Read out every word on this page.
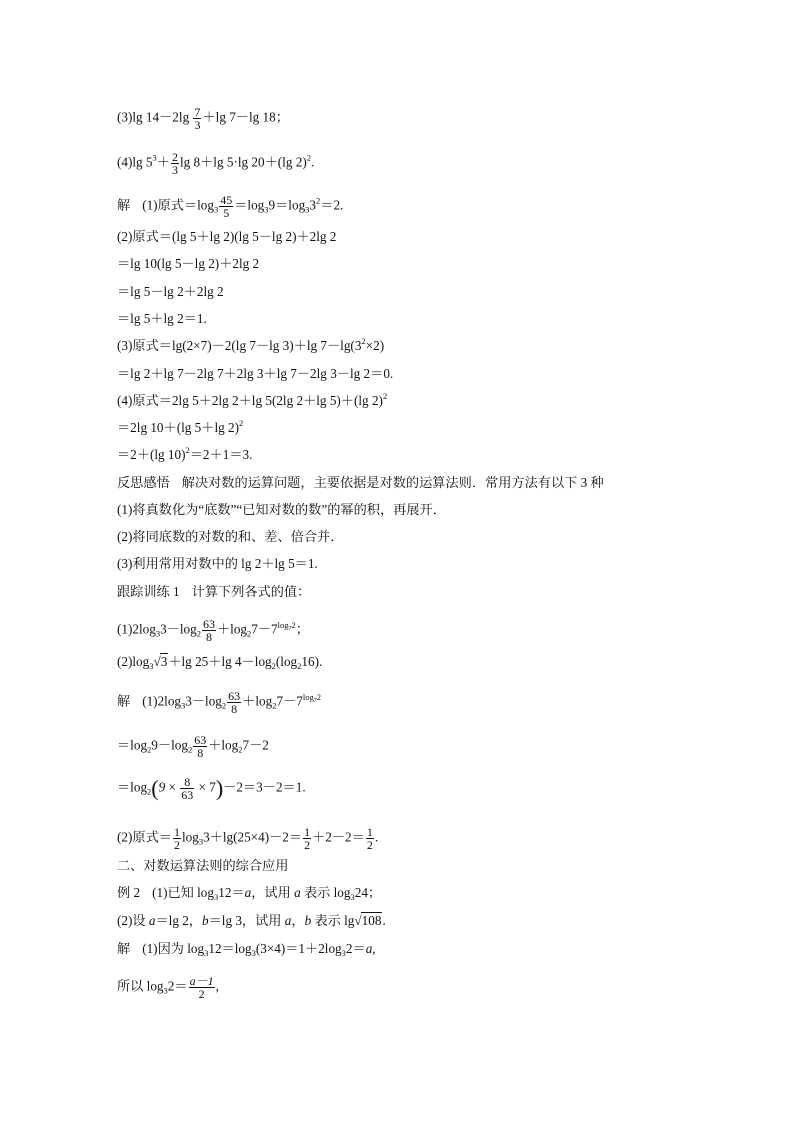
(3)lg $14-2\lg \frac{7}{3} +\lg$ 7－lg 18；
(4)lg $5^3+ \frac{2}{3}$ lg 8＋lg 5·lg 20＋(lg 2)$^2$.
解 (1)原式$=\log_3 \frac{45}{5} =\log_39=\log_33^2=2$.
(2)原式＝(lg 5＋lg 2)(lg 5－lg 2)＋2lg 2
＝lg 10(lg 5－lg 2)＋2lg 2
＝lg 5－lg 2＋2lg 2
＝lg 5＋lg 2＝1.
(3)原式＝lg(2×7)－2(lg 7－lg 3)＋lg $7-\lg(3^2\times 2)$
＝lg 2＋lg 7－2lg 7＋2lg 3＋lg 7－2lg 3－lg 2＝0.
(4)原式＝2lg 5＋2lg 2＋lg 5(2lg 2＋lg 5)＋(lg 2)$^2$
＝2lg 10＋(lg 5＋lg 2)$^2$
＝2＋(lg 10)$^2$＝2＋1＝3.
反思感悟 解决对数的运算问题，主要依据是对数的运算法则．常用方法有以下 3 种
(1)将真数化为“底数”“已知对数的数”的幂的积，再展开．
(2)将同底数的对数的和、差、倍合并．
(3)利用常用对数中的 lg 2＋lg 5＝1.
跟踪训练 1 计算下列各式的值：
$(1)2\log_33-\log_2 \frac{63}{8} +\log_27-7^{log_72}$；
$(2)\log_3√3+\lg$ 25＋lg $4-\log_2(\log_216)$.
解 $(1)2\log_33-\log_2 \frac{63}{8} +\log_27-7^{log_72}$
$=\log_29-\log_2 \frac{63}{8} +\log_27-2$
$=\log_2(9 \times \frac{8}{63} \times 7)-2=3-2=1$.
(2)原式＝ $\frac{1}{2} \log_33+\lg(25\times 4)-2= \frac{1}{2} +2-2= \frac{1}{2}$ .
二、对数运算法则的综合应用
例 2 (1)已知 $\log_312=a$，试用 a 表示 $\log_324$；
(2)设 a＝lg 2，b＝lg 3，试用 a，b 表示 lg√108.
解 (1)因为 $\log_312=\log_3(3\times 4)=1+2\log_32=a$,
所以 $\log_32= \frac{a-1}{2}$ ,
